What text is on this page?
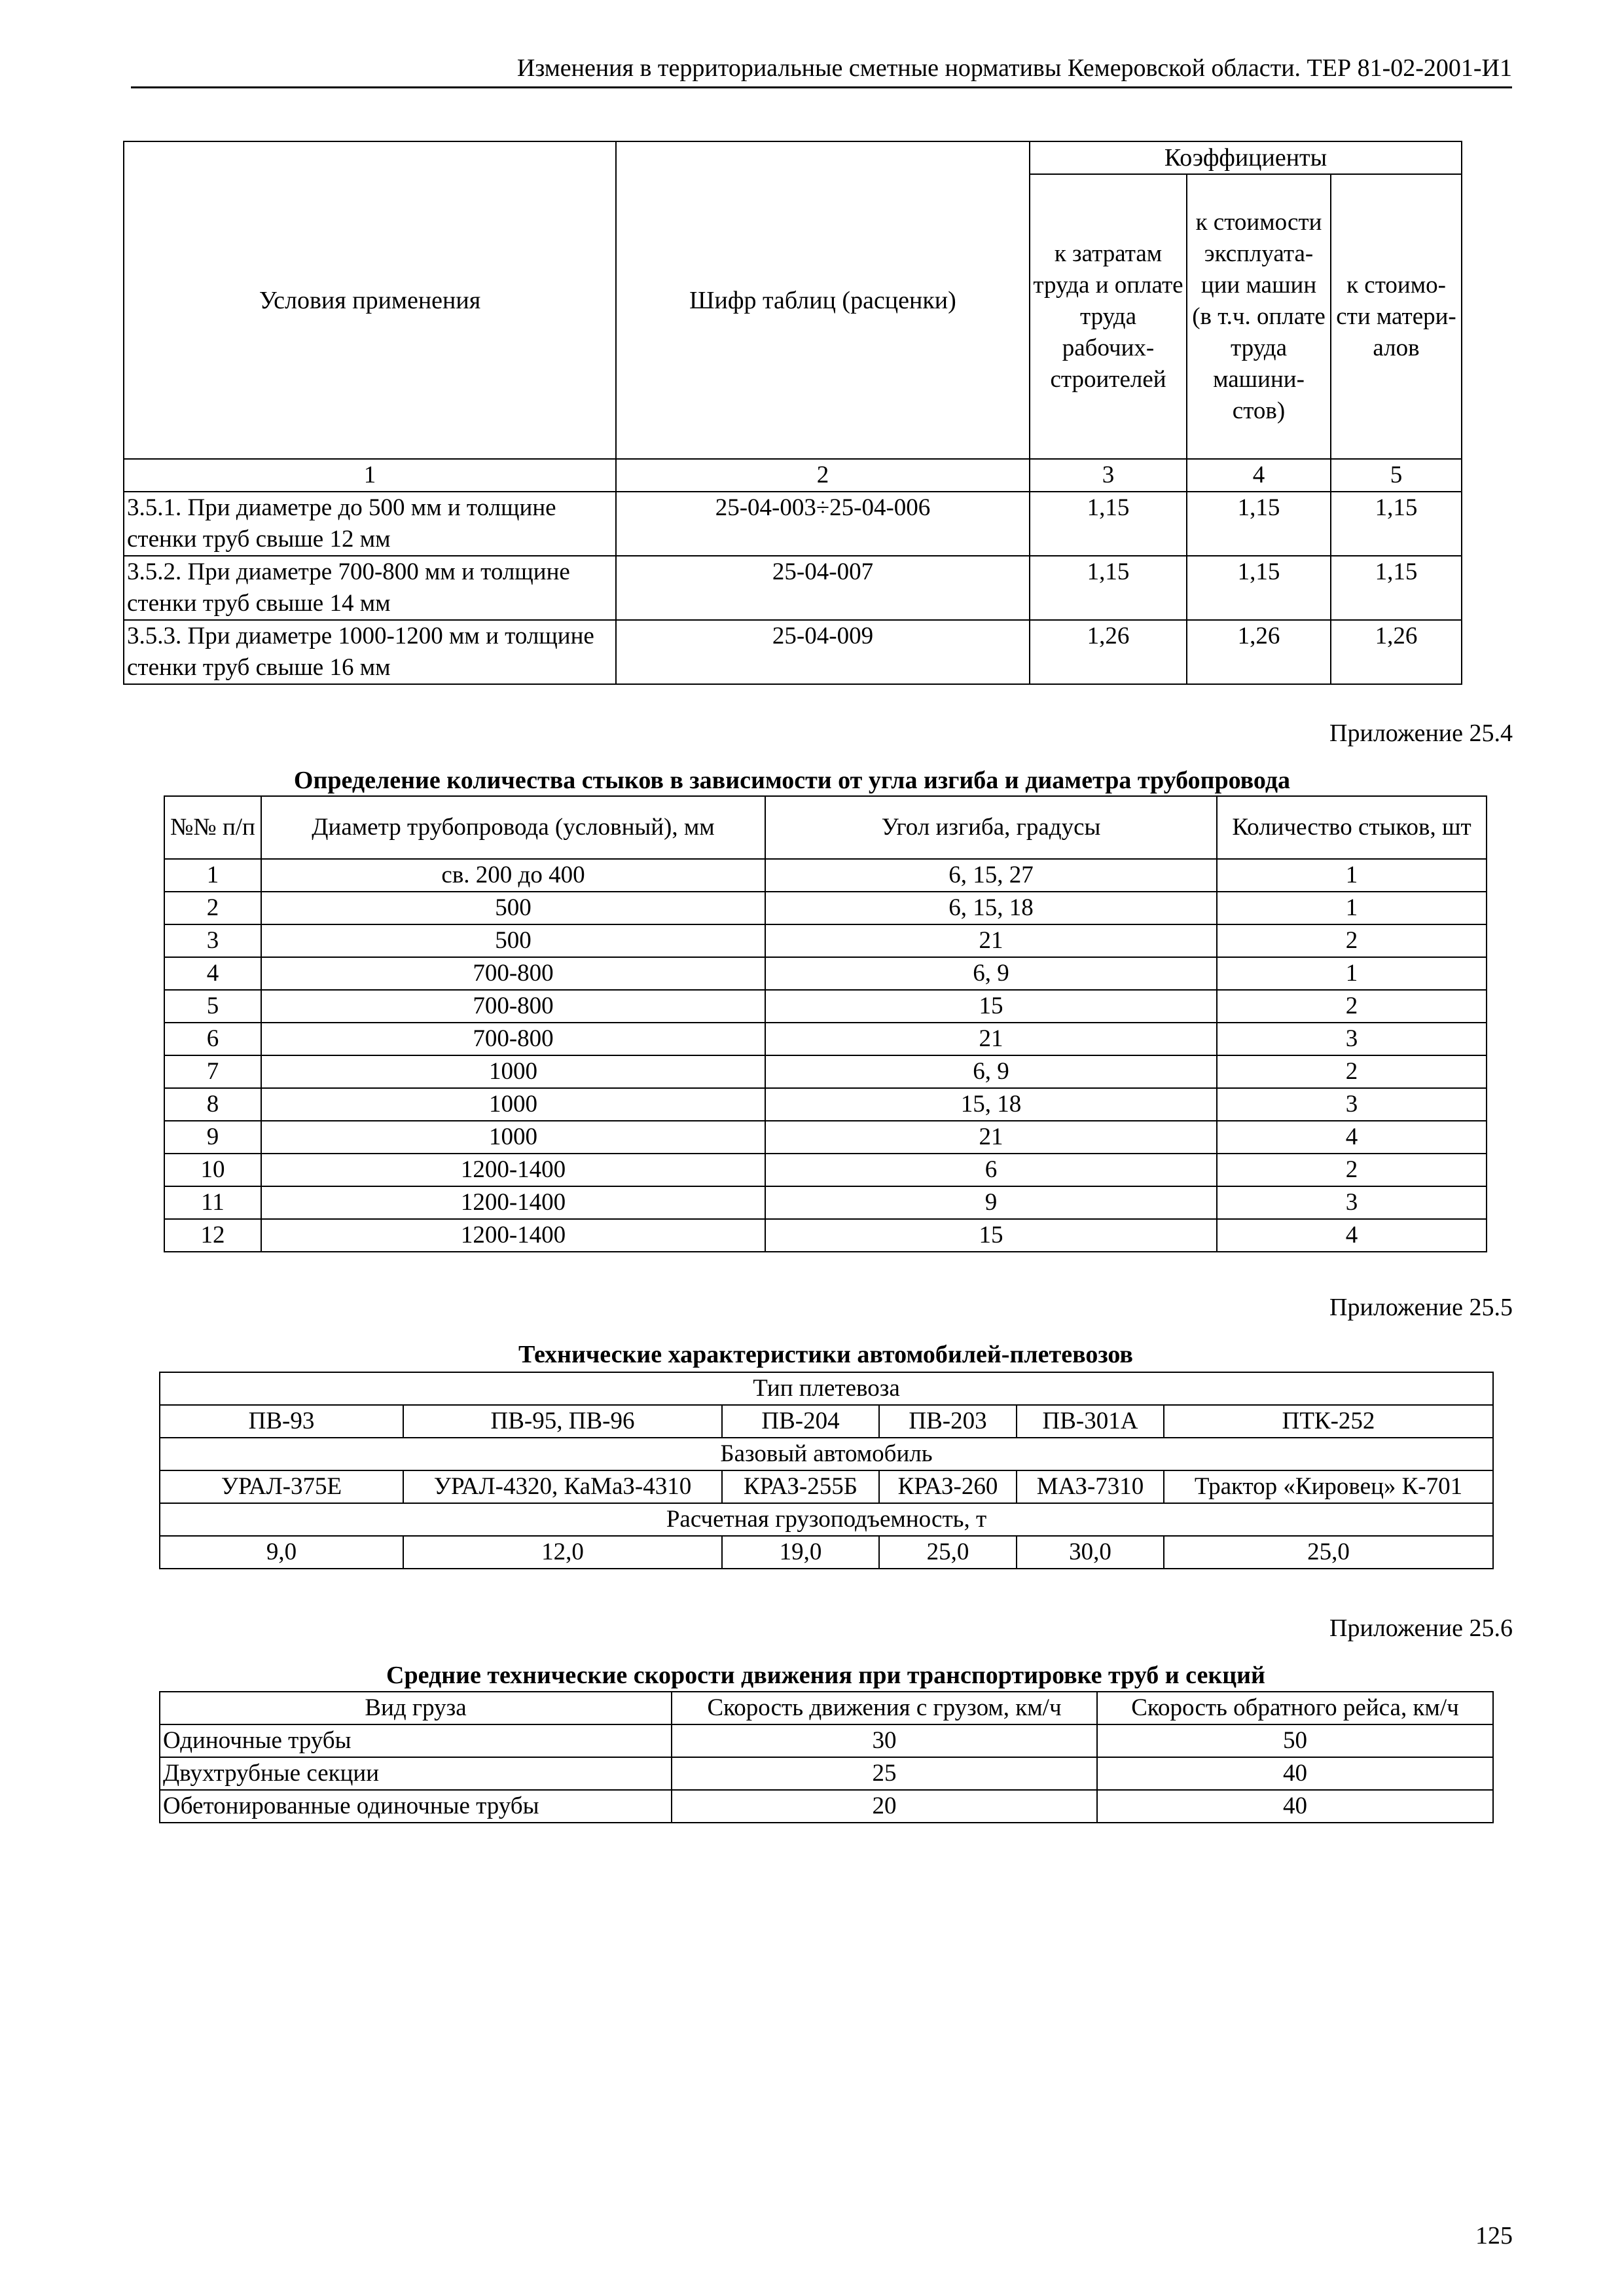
Изменения в территориальные сметные нормативы Кемеровской области. ТЕР 81-02-2001-И1
Условия применения	Шифр таблиц (расценки)	Коэффициенты		
		к затратам труда и оплате труда рабочих-строителей	к стоимости эксплуата-ции машин (в т.ч. оплате труда машини-стов)	к стоимо-сти матери-алов
1	2	3	4	5
3.5.1. При диаметре до 500 мм и толщине стенки труб свыше 12 мм	25-04-003÷25-04-006	1,15	1,15	1,15
3.5.2. При диаметре 700-800 мм и толщине стенки труб свыше 14 мм	25-04-007	1,15	1,15	1,15
3.5.3. При диаметре 1000-1200 мм и толщине стенки труб свыше 16 мм	25-04-009	1,26	1,26	1,26
Приложение 25.4
Определение количества стыков в зависимости от угла изгиба и диаметра трубопровода
№№ п/п	Диаметр трубопровода (условный), мм	Угол изгиба, градусы	Количество стыков, шт
1	св. 200 до 400	6, 15, 27	1
2	500	6, 15, 18	1
3	500	21	2
4	700-800	6, 9	1
5	700-800	15	2
6	700-800	21	3
7	1000	6, 9	2
8	1000	15, 18	3
9	1000	21	4
10	1200-1400	6	2
11	1200-1400	9	3
12	1200-1400	15	4
Приложение 25.5
Технические характеристики автомобилей-плетевозов
Тип плетевоза					
ПВ-93	ПВ-95, ПВ-96	ПВ-204	ПВ-203	ПВ-301А	ПТК-252
Базовый автомобиль					
УРАЛ-375Е	УРАЛ-4320, КаМаЗ-4310	КРАЗ-255Б	КРАЗ-260	МАЗ-7310	Трактор «Кировец» К-701
Расчетная грузоподъемность, т					
9,0	12,0	19,0	25,0	30,0	25,0
Приложение 25.6
Средние технические скорости движения при транспортировке труб и секций
Вид груза	Скорость движения с грузом, км/ч	Скорость обратного рейса, км/ч
Одиночные трубы	30	50
Двухтрубные секции	25	40
Обетонированные одиночные трубы	20	40
125
